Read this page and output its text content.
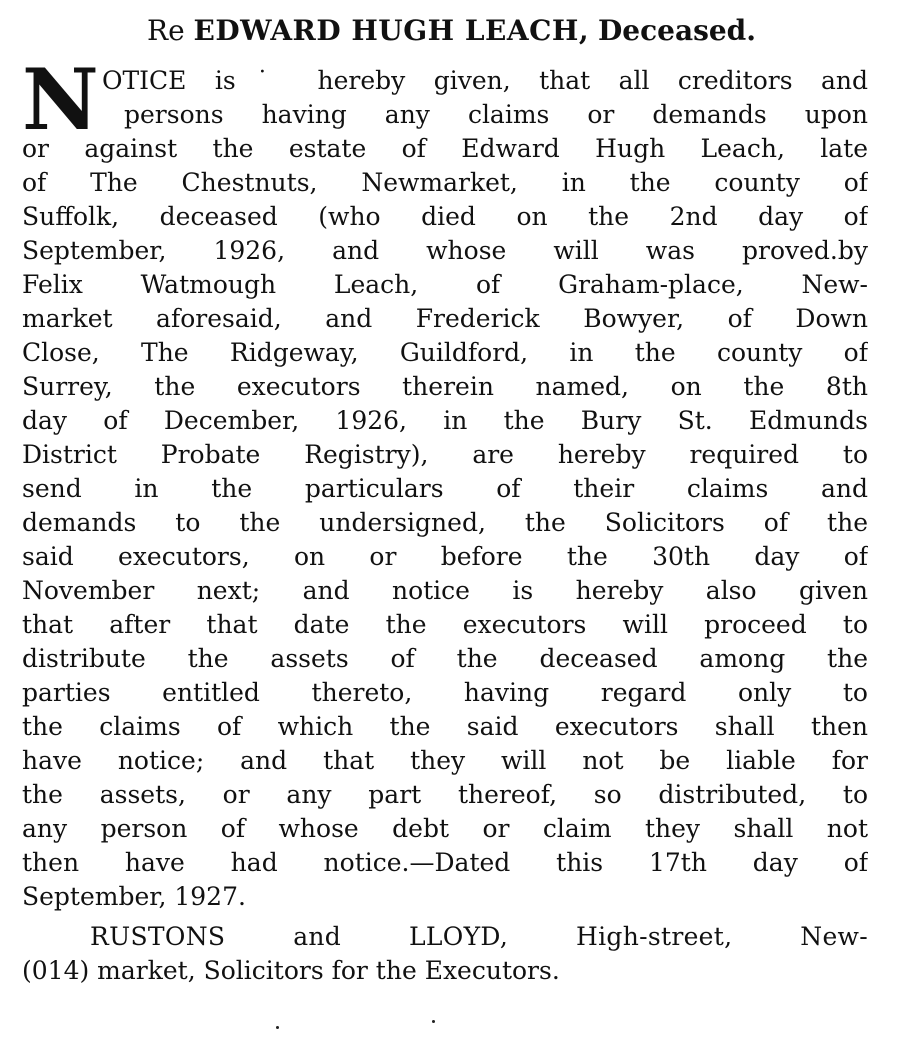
Re EDWARD HUGH LEACH, Deceased.
N OTICE is˙ hereby given, that all creditors and
persons having any claims or demands upon
or against the estate of Edward Hugh Leach, late
of The Chestnuts, Newmarket, in the county of
Suffolk, deceased (who died on the 2nd day of
September, 1926, and whose will was proved.by
Felix Watmough Leach, of Graham-place, New-
market aforesaid, and Frederick Bowyer, of Down
Close, The Ridgeway, Guildford, in the county of
Surrey, the executors therein named, on the 8th
day of December, 1926, in the Bury St. Edmunds
District Probate Registry), are hereby required to
send in the particulars of their claims and
demands to the undersigned, the Solicitors of the
said executors, on or before the 30th day of
November next; and notice is hereby also given
that after that date the executors will proceed to
distribute the assets of the deceased among the
parties entitled thereto, having regard only to
the claims of which the said executors shall then
have notice; and that they will not be liable for
the assets, or any part thereof, so distributed, to
any person of whose debt or claim they shall not
then have had notice.—Dated this 17th day of
September, 1927.
RUSTONS and LLOYD, High-street, New-
(014) market, Solicitors for the Executors.
